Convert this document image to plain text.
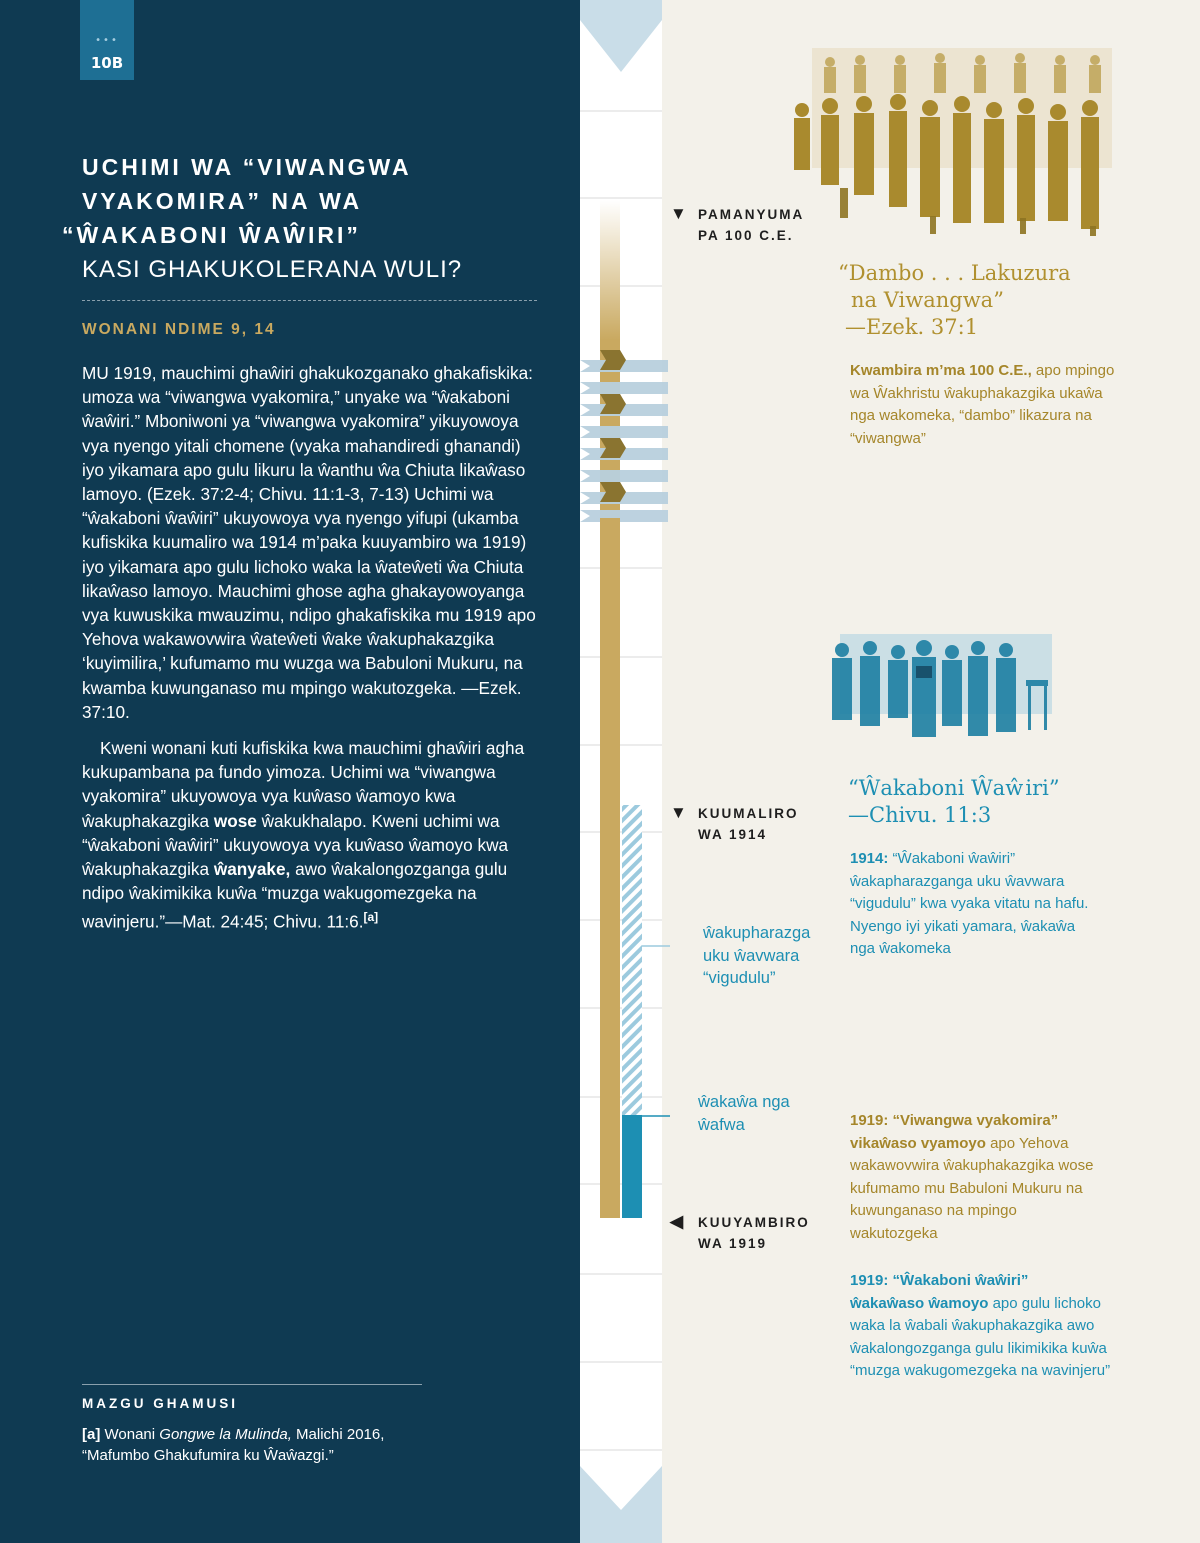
•••
10B
UCHIMI WA “VIWANGWA
VYAKOMIRA” NA WA
“ŴAKABONI ŴAŴIRI”
KASI GHAKUKOLERANA WULI?
WONANI NDIME 9, 14

MU 1919, mauchimi ghaŵiri ghakukozganako ghakafiskika: umoza wa “viwangwa vyakomira,” unyake wa “ŵakaboni ŵaŵiri.” Mboniwoni ya “viwangwa vyakomira” yikuyowoya vya nyengo yitali chomene (vyaka mahandiredi ghanandi) iyo yikamara apo gulu likuru la ŵanthu ŵa Chiuta likaŵaso lamoyo. (Ezek. 37:2-4; Chivu. 11:1-3, 7-13) Uchimi wa “ŵakaboni ŵaŵiri” ukuyowoya vya nyengo yifupi (ukamba kufiskika kuumaliro wa 1914 m’paka kuuyambiro wa 1919) iyo yikamara apo gulu lichoko waka la ŵateŵeti ŵa Chiuta likaŵaso lamoyo. Mauchimi ghose agha ghakayowoyanga vya kuwuskika mwauzimu, ndipo ghakafiskika mu 1919 apo Yehova wakawovwira ŵateŵeti ŵake ŵakuphakazgika ‘kuyimilira,’ kufumamo mu wuzga wa Babuloni Mukuru, na kwamba kuwunganaso mu mpingo wakutozgeka. —Ezek. 37:10.

Kweni wonani kuti kufiskika kwa mauchimi ghaŵiri agha kukupambana pa fundo yimoza. Uchimi wa “viwangwa vyakomira” ukuyowoya vya kuŵaso ŵamoyo kwa ŵakuphakazgika wose ŵakukhalapo. Kweni uchimi wa “ŵakaboni ŵaŵiri” ukuyowoya vya kuŵaso ŵamoyo kwa ŵakuphakazgika ŵanyake, awo ŵakalongozganga gulu ndipo ŵakimikika kuŵa “muzga wakugomezgeka na wavinjeru.”—Mat. 24:45; Chivu. 11:6.[a]

MAZGU GHAMUSI
[a] Wonani Gongwe la Mulinda, Malichi 2016, “Mafumbo Ghakufumira ku Ŵaŵazgi.”
▼ PAMANYUMA
PA 100 C.E.
▼ KUUMALIRO
WA 1914
◀ KUUYAMBIRO
WA 1919
ŵakupharazga uku ŵavwara “vigudulu”
ŵakaŵa nga ŵafwa
“Dambo . . . Lakuzura
na Viwangwa”
—Ezek. 37:1
Kwambira m’ma 100 C.E., apo mpingo wa Ŵakhristu ŵakuphakazgika ukaŵa nga wakomeka, “dambo” likazura na “viwangwa”
“Ŵakaboni Ŵaŵiri”
—Chivu. 11:3
1914: “Ŵakaboni ŵaŵiri” ŵakapharazganga uku ŵavwara “vigudulu” kwa vyaka vitatu na hafu. Nyengo iyi yikati yamara, ŵakaŵa nga ŵakomeka
1919: “Viwangwa vyakomira”
vikaŵaso vyamoyo apo Yehova wakawovwira ŵakuphakazgika wose kufumamo mu Babuloni Mukuru na kuwunganaso na mpingo wakutozgeka
1919: “Ŵakaboni ŵaŵiri”
ŵakaŵaso ŵamoyo apo gulu lichoko waka la ŵabali ŵakuphakazgika awo ŵakalongozganga gulu likimikika kuŵa “muzga wakugomezgeka na wavinjeru”
